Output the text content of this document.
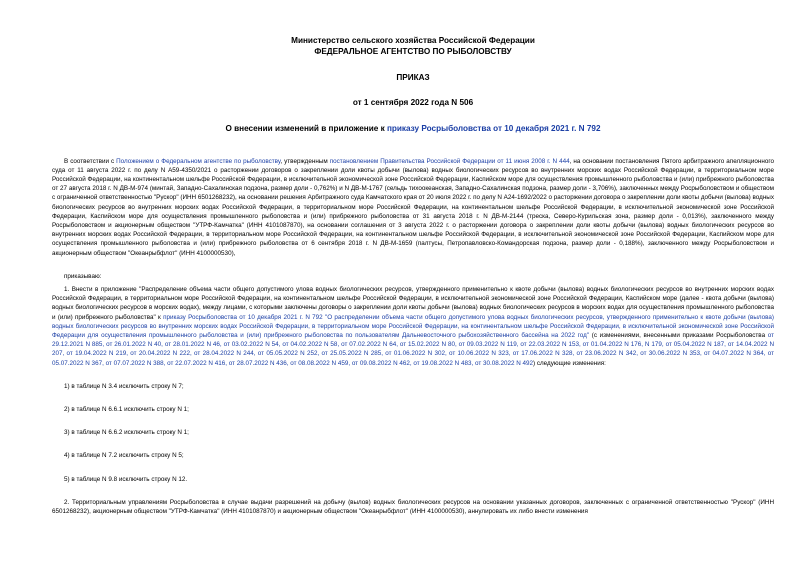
Министерство сельского хозяйства Российской Федерации
ФЕДЕРАЛЬНОЕ АГЕНТСТВО ПО РЫБОЛОВСТВУ
ПРИКАЗ
от 1 сентября 2022 года N 506
О внесении изменений в приложение к приказу Росрыболовства от 10 декабря 2021 г. N 792

В соответствии с Положением о Федеральном агентстве по рыболовству, утвержденным постановлением Правительства Российской Федерации от 11 июня 2008 г. N 444, на основании постановления Пятого арбитражного апелляционного суда от 11 августа 2022 г. по делу N А59-4350/2021 о расторжении договоров о закреплении доли квоты добычи (вылова) водных биологических ресурсов во внутренних морских водах Российской Федерации, в территориальном море Российской Федерации, на континентальном шельфе Российской Федерации, в исключительной экономической зоне Российской Федерации, Каспийском море для осуществления промышленного рыболовства и (или) прибрежного рыболовства от 27 августа 2018 г. N ДВ-М-974 (минтай, Западно-Сахалинская подзона, размер доли - 0,762%) и N ДВ-М-1767 (сельдь тихоокеанская, Западно-Сахалинская подзона, размер доли - 3,706%), заключенных между Росрыболовством и обществом с ограниченной ответственностью "Рускор" (ИНН 6501268232), на основании решения Арбитражного суда Камчатского края от 20 июля 2022 г. по делу N А24-1692/2022 о расторжении договора о закреплении доли квоты добычи (вылова) водных биологических ресурсов во внутренних морских водах Российской Федерации, в территориальном море Российской Федерации, на континентальном шельфе Российской Федерации, в исключительной экономической зоне Российской Федерации, Каспийском море для осуществления промышленного рыболовства и (или) прибрежного рыболовства от 31 августа 2018 г. N ДВ-М-2144 (треска, Северо-Курильская зона, размер доли - 0,013%), заключенного между Росрыболовством и акционерным обществом "УТРФ-Камчатка" (ИНН 4101087870), на основании соглашения от 3 августа 2022 г. о расторжении договора о закреплении доли квоты добычи (вылова) водных биологических ресурсов во внутренних морских водах Российской Федерации, в территориальном море Российской Федерации, на континентальном шельфе Российской Федерации, в исключительной экономической зоне Российской Федерации, Каспийском море для осуществления промышленного рыболовства и (или) прибрежного рыболовства от 6 сентября 2018 г. N ДВ-М-1659 (палтусы, Петропавловско-Командорская подзона, размер доли - 0,188%), заключенного между Росрыболовством и акционерным обществом "Океанрыбфлот" (ИНН 4100000530),

приказываю:

1. Внести в приложение "Распределение объема части общего допустимого улова водных биологических ресурсов, утвержденного применительно к квоте добычи (вылова) водных биологических ресурсов во внутренних морских водах Российской Федерации, в территориальном море Российской Федерации, на континентальном шельфе Российской Федерации, в исключительной экономической зоне Российской Федерации, Каспийском море (далее - квота добычи (вылова) водных биологических ресурсов в морских водах), между лицами, с которыми заключены договоры о закреплении доли квоты добычи (вылова) водных биологических ресурсов в морских водах для осуществления промышленного рыболовства и (или) прибрежного рыболовства" к приказу Росрыболовства от 10 декабря 2021 г. N 792 "О распределении объема части общего допустимого улова водных биологических ресурсов, утвержденного применительно к квоте добычи (вылова) водных биологических ресурсов во внутренних морских водах Российской Федерации, в территориальном море Российской Федерации, на континентальном шельфе Российской Федерации, в исключительной экономической зоне Российской Федерации для осуществления промышленного рыболовства и (или) прибрежного рыболовства по пользователям Дальневосточного рыбохозяйственного бассейна на 2022 год" (с изменениями, внесенными приказами Росрыболовства от 29.12.2021 N 885, от 26.01.2022 N 40, от 28.01.2022 N 46, от 03.02.2022 N 54, от 04.02.2022 N 58, от 07.02.2022 N 64, от 15.02.2022 N 80, от 09.03.2022 N 119, от 22.03.2022 N 153, от 01.04.2022 N 176, N 179, от 05.04.2022 N 187, от 14.04.2022 N 207, от 19.04.2022 N 219, от 20.04.2022 N 222, от 28.04.2022 N 244, от 05.05.2022 N 252, от 25.05.2022 N 285, от 01.06.2022 N 302, от 10.06.2022 N 323, от 17.06.2022 N 328, от 23.06.2022 N 342, от 30.06.2022 N 353, от 04.07.2022 N 364, от 05.07.2022 N 367, от 07.07.2022 N 388, от 22.07.2022 N 416, от 28.07.2022 N 436, от 08.08.2022 N 459, от 09.08.2022 N 462, от 19.08.2022 N 483, от 30.08.2022 N 492) следующие изменения:

1) в таблице N 3.4 исключить строку N 7;
2) в таблице N 6.6.1 исключить строку N 1;
3) в таблице N 6.6.2 исключить строку N 1;
4) в таблице N 7.2 исключить строку N 5;
5) в таблице N 9.8 исключить строку N 12.

2. Территориальным управлениям Росрыболовства в случае выдачи разрешений на добычу (вылов) водных биологических ресурсов на основании указанных договоров, заключенных с ограниченной ответственностью "Рускор" (ИНН 6501268232), акционерным обществом "УТРФ-Камчатка" (ИНН 4101087870) и акционерным обществом "Океанрыбфлот" (ИНН 4100000530), аннулировать их либо внести изменения
